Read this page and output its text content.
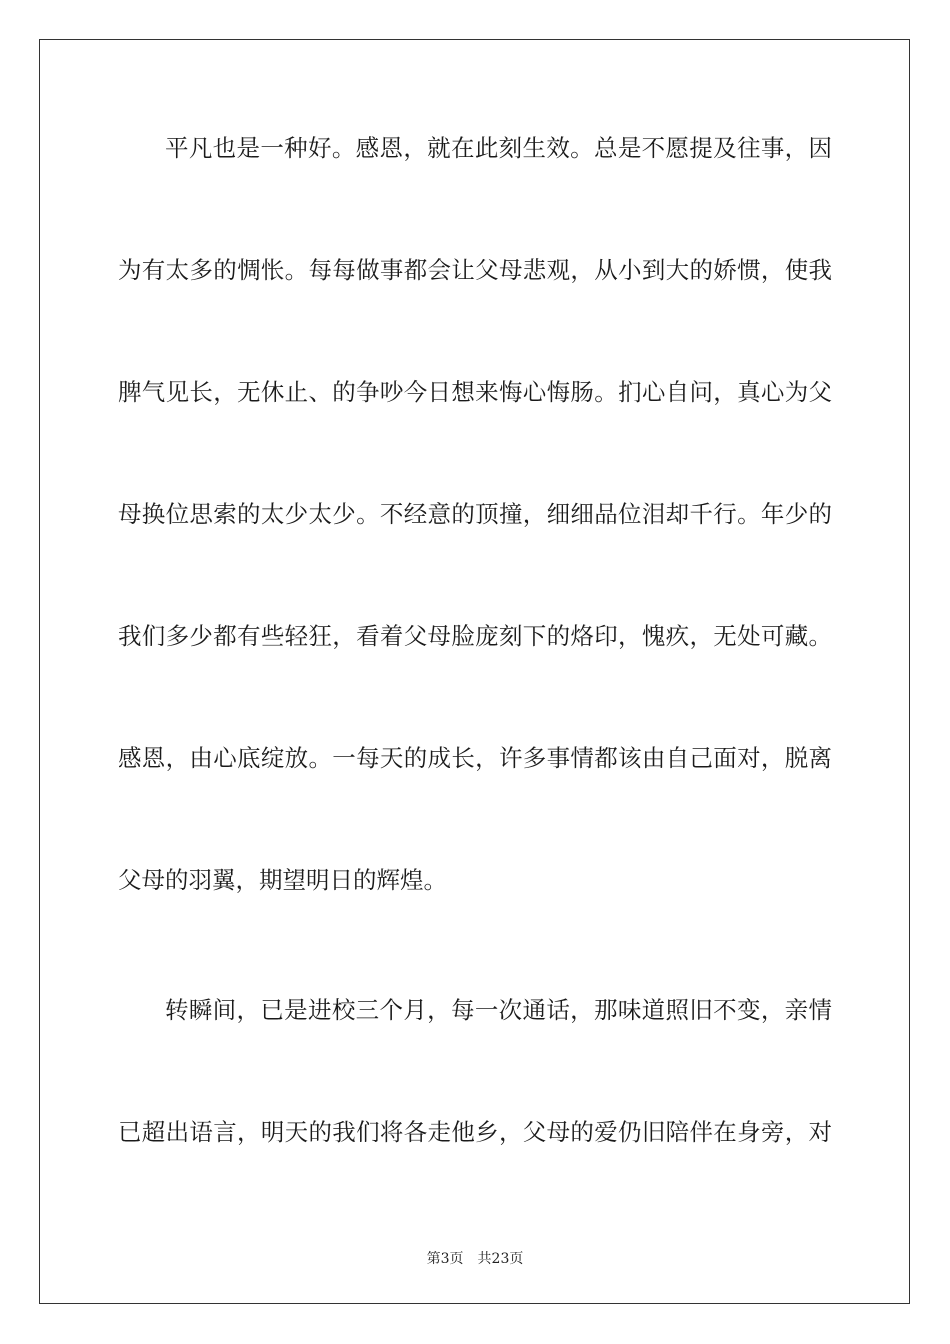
平凡也是一种好。感恩，就在此刻生效。总是不愿提及往事，因
为有太多的惆怅。每每做事都会让父母悲观，从小到大的娇惯，使我
脾气见长，无休止、的争吵今日想来悔心悔肠。扪心自问，真心为父
母换位思索的太少太少。不经意的顶撞，细细品位泪却千行。年少的
我们多少都有些轻狂，看着父母脸庞刻下的烙印，愧疚，无处可藏。
感恩，由心底绽放。一每天的成长，许多事情都该由自己面对，脱离
父母的羽翼，期望明日的辉煌。
转瞬间，已是进校三个月，每一次通话，那味道照旧不变，亲情
已超出语言，明天的我们将各走他乡，父母的爱仍旧陪伴在身旁，对
第3页 共23页
